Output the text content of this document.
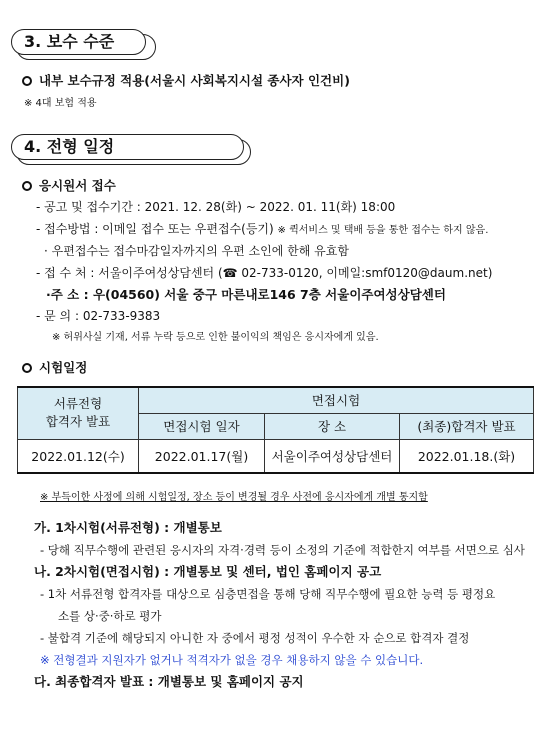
3. 보수 수준
내부 보수규정 적용(서울시 사회복지시설 종사자 인건비)
※ 4대 보험 적용
4. 전형 일정
응시원서 접수
- 공고 및 접수기간 : 2021. 12. 28(화) ~ 2022. 01. 11(화) 18:00
- 접수방법 : 이메일 접수 또는 우편접수(등기) ※ 퀵서비스 및 택배 등을 통한 접수는 하지 않음.
· 우편접수는 접수마감일자까지의 우편 소인에 한해 유효함
- 접 수 처 : 서울이주여성상담센터 (☎ 02-733-0120, 이메일:smf0120@daum.net)
·주 소 : 우(04560) 서울 중구 마른내로146 7층 서울이주여성상담센터
- 문 의 : 02-733-9383
※ 허위사실 기재, 서류 누락 등으로 인한 불이익의 책임은 응시자에게 있음.
시험일정
서류전형
합격자 발표	면접시험		
	면접시험 일자	장 소	(최종)합격자 발표
2022.01.12(수)	2022.01.17(월)	서울이주여성상담센터	2022.01.18.(화)
※ 부득이한 사정에 의해 시험일정, 장소 등이 변경될 경우 사전에 응시자에게 개별 통지함
가. 1차시험(서류전형) : 개별통보
- 당해 직무수행에 관련된 응시자의 자격·경력 등이 소정의 기준에 적합한지 여부를 서면으로 심사
나. 2차시험(면접시험) : 개별통보 및 센터, 법인 홈페이지 공고
- 1차 서류전형 합격자를 대상으로 심층면접을 통해 당해 직무수행에 필요한 능력 등 평정요
소를 상·중·하로 평가
- 불합격 기준에 해당되지 아니한 자 중에서 평정 성적이 우수한 자 순으로 합격자 결정
※ 전형결과 지원자가 없거나 적격자가 없을 경우 채용하지 않을 수 있습니다.
다. 최종합격자 발표 : 개별통보 및 홈페이지 공지
